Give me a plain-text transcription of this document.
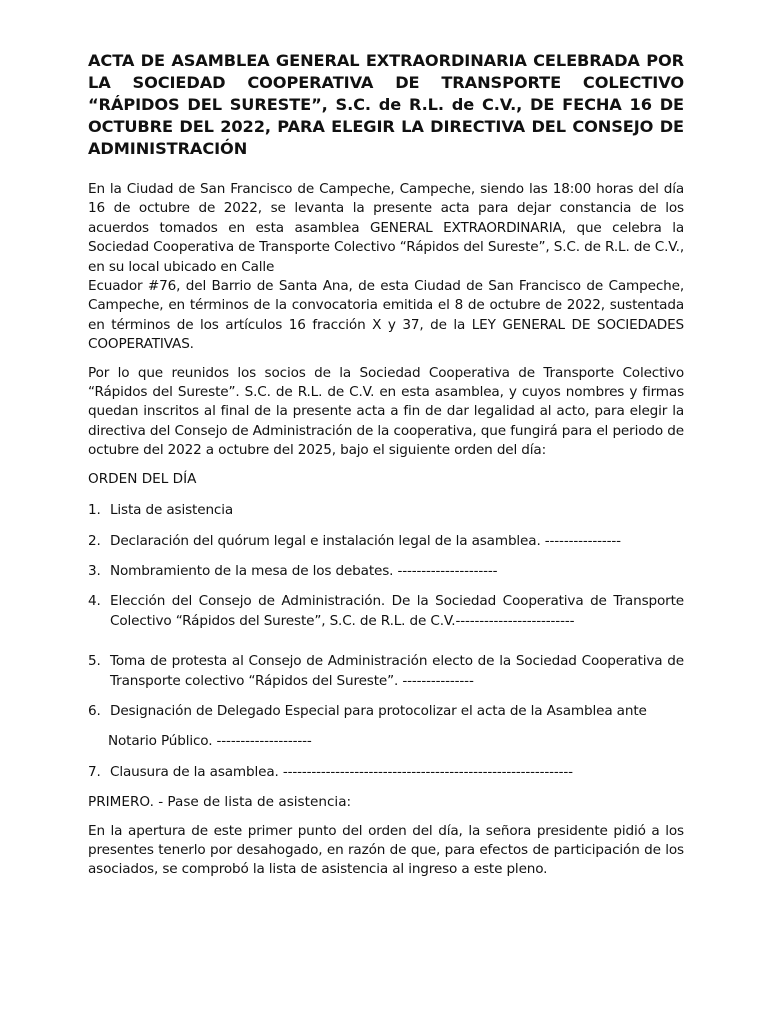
ACTA DE ASAMBLEA GENERAL EXTRAORDINARIA CELEBRADA POR LA SOCIEDAD COOPERATIVA DE TRANSPORTE COLECTIVO “RÁPIDOS DEL SURESTE”, S.C. de R.L. de C.V., DE FECHA 16 DE OCTUBRE DEL 2022, PARA ELEGIR LA DIRECTIVA DEL CONSEJO DE ADMINISTRACIÓN

En la Ciudad de San Francisco de Campeche, Campeche, siendo las 18:00 horas del día 16 de octubre de 2022, se levanta la presente acta para dejar constancia de los acuerdos tomados en esta asamblea GENERAL EXTRAORDINARIA, que celebra la Sociedad Cooperativa de Transporte Colectivo “Rápidos del Sureste”, S.C. de R.L. de C.V., en su local ubicado en Calle
Ecuador #76, del Barrio de Santa Ana, de esta Ciudad de San Francisco de Campeche, Campeche, en términos de la convocatoria emitida el 8 de octubre de 2022, sustentada en términos de los artículos 16 fracción X y 37, de la LEY GENERAL DE SOCIEDADES COOPERATIVAS.

Por lo que reunidos los socios de la Sociedad Cooperativa de Transporte Colectivo “Rápidos del Sureste”. S.C. de R.L. de C.V. en esta asamblea, y cuyos nombres y firmas quedan inscritos al final de la presente acta a fin de dar legalidad al acto, para elegir la directiva del Consejo de Administración de la cooperativa, que fungirá para el periodo de octubre del 2022 a octubre del 2025, bajo el siguiente orden del día:

ORDEN DEL DÍA
1. Lista de asistencia
2. Declaración del quórum legal e instalación legal de la asamblea. ----------------
3. Nombramiento de la mesa de los debates. ---------------------
4. Elección del Consejo de Administración. De la Sociedad Cooperativa de Transporte Colectivo “Rápidos del Sureste”, S.C. de R.L. de C.V.-------------------------
5. Toma de protesta al Consejo de Administración electo de la Sociedad Cooperativa de Transporte colectivo “Rápidos del Sureste”. ---------------
6. Designación de Delegado Especial para protocolizar el acta de la Asamblea ante
Notario Público. --------------------
7. Clausura de la asamblea. -------------------------------------------------------------
PRIMERO. - Pase de lista de asistencia:

En la apertura de este primer punto del orden del día, la señora presidente pidió a los presentes tenerlo por desahogado, en razón de que, para efectos de participación de los asociados, se comprobó la lista de asistencia al ingreso a este pleno.
